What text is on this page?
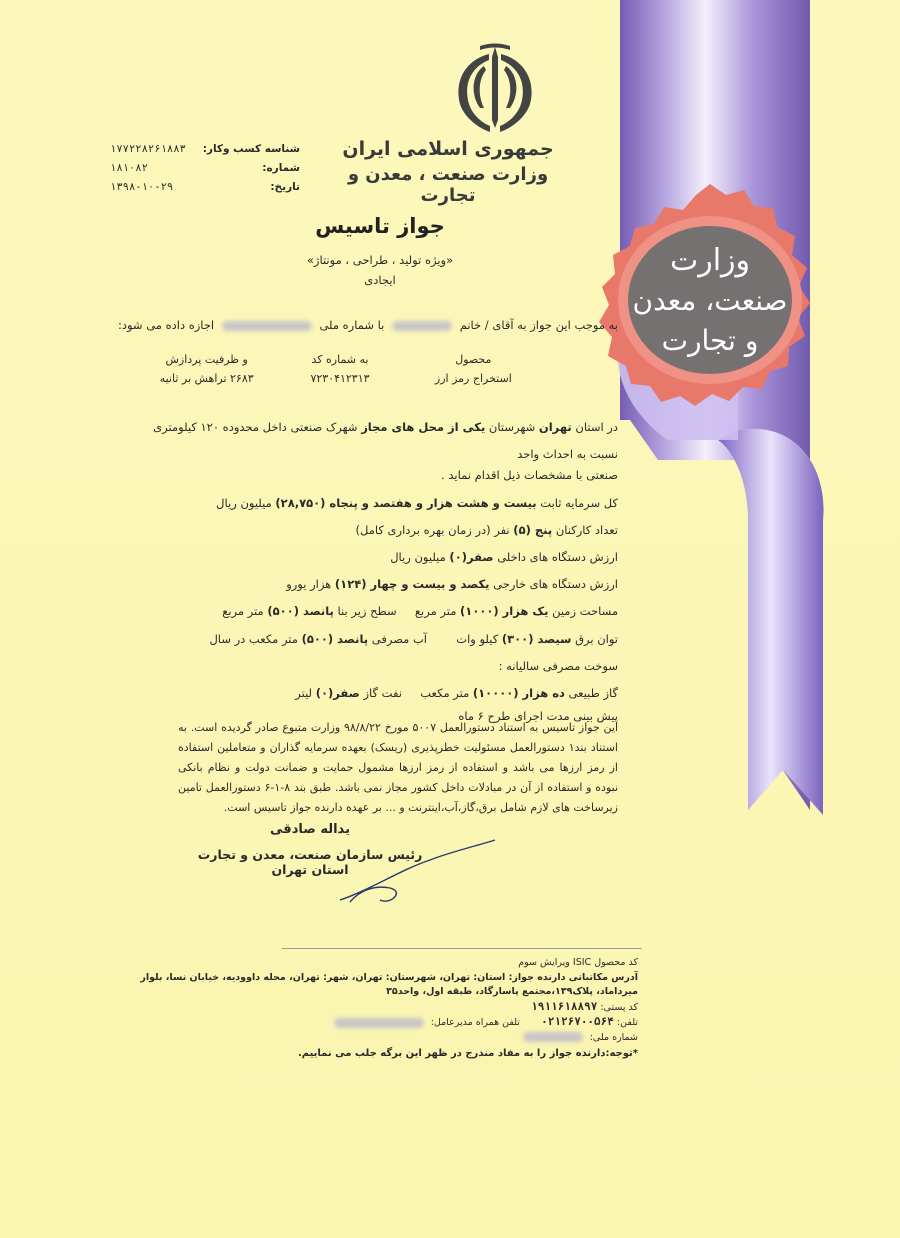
وزارت
صنعت، معدن
و تجارت
جمهوری اسلامی ایران
وزارت صنعت ، معدن و تجارت
شناسه کسب وکار:
۱۷۷۲۲۸۲۶۱۸۸۳
شماره:
۱۸۱۰۸۲
تاریخ:
۱۳۹۸-۱۰-۲۹
جواز تاسیس
«ویژه تولید ، طراحی ، مونتاژ»
ایجادی
به موجب این جواز به آقای / خانم  با شماره ملی  اجازه داده می شود:
محصول
استخراج رمز ارز
به شماره کد
۷۲۳۰۴۱۲۳۱۳
و ظرفیت پردازش
۲۶۸۳ تراهش بر ثانیه

در استان تهران شهرستان یکی از محل های مجاز شهرک صنعتی داخل محدوده ۱۲۰ کیلومتری نسبت به احداث واحد

صنعتی با مشخصات ذیل اقدام نماید .

کل سرمایه ثابت بیست و هشت هزار و هفتصد و پنجاه (۲۸,۷۵۰) میلیون ریال

تعداد کارکنان پنج (۵) نفر (در زمان بهره برداری کامل)

ارزش دستگاه های داخلی صفر(۰) میلیون ریال

ارزش دستگاه های خارجی یکصد و بیست و چهار (۱۲۴) هزار یورو

مساحت زمین یک هزار (۱۰۰۰) متر مربع     سطح زیر بنا پانصد (۵۰۰) متر مربع

توان برق سیصد (۳۰۰) کیلو وات        آب مصرفی پانصد (۵۰۰) متر مکعب در سال

سوخت مصرفی سالیانه :

گاز طبیعی ده هزار (۱۰۰۰۰) متر مکعب     نفت گاز صفر(۰) لیتر

پیش بینی مدت اجرای طرح ۶ ماه

این جواز تاسیس به استناد دستورالعمل ۵۰۰۷ مورخ ۹۸/۸/۲۲ وزارت متبوع صادر گردیده است. به استناد بند۱ دستورالعمل مسئولیت خطرپذیری (ریسک) بعهده سرمایه گذاران و متعاملین استفاده از رمز ارزها می باشد و استفاده از رمز ارزها مشمول حمایت و ضمانت دولت و نظام بانکی نبوده و استفاده از آن در مبادلات داخل کشور مجاز نمی باشد. طبق بند ۸-۱-۶ دستورالعمل تامین زیرساخت های لازم شامل برق،گاز،آب،اینترنت و ... بر عهده دارنده جواز تاسیس است.
یداله صادقی
رئیس سازمان صنعت، معدن و تجارت استان تهران
کد محصول ISIC ویرایش سوم
آدرس مکاتباتی دارنده جواز: استان: تهران، شهرستان: تهران، شهر: تهران، محله داوودیه، خیابان نسا، بلوار میرداماد، پلاک۱۳۹،مجتمع پاسارگاد، طبقه اول، واحد۳۵
کد پستی: ۱۹۱۱۶۱۸۸۹۷
تلفن: ۰۲۱۲۶۷۰۰۵۶۴       تلفن همراه مدیرعامل:
شماره ملی:
*توجه:دارنده جواز را به مفاد مندرج در ظهر این برگه جلب می نماییم.
